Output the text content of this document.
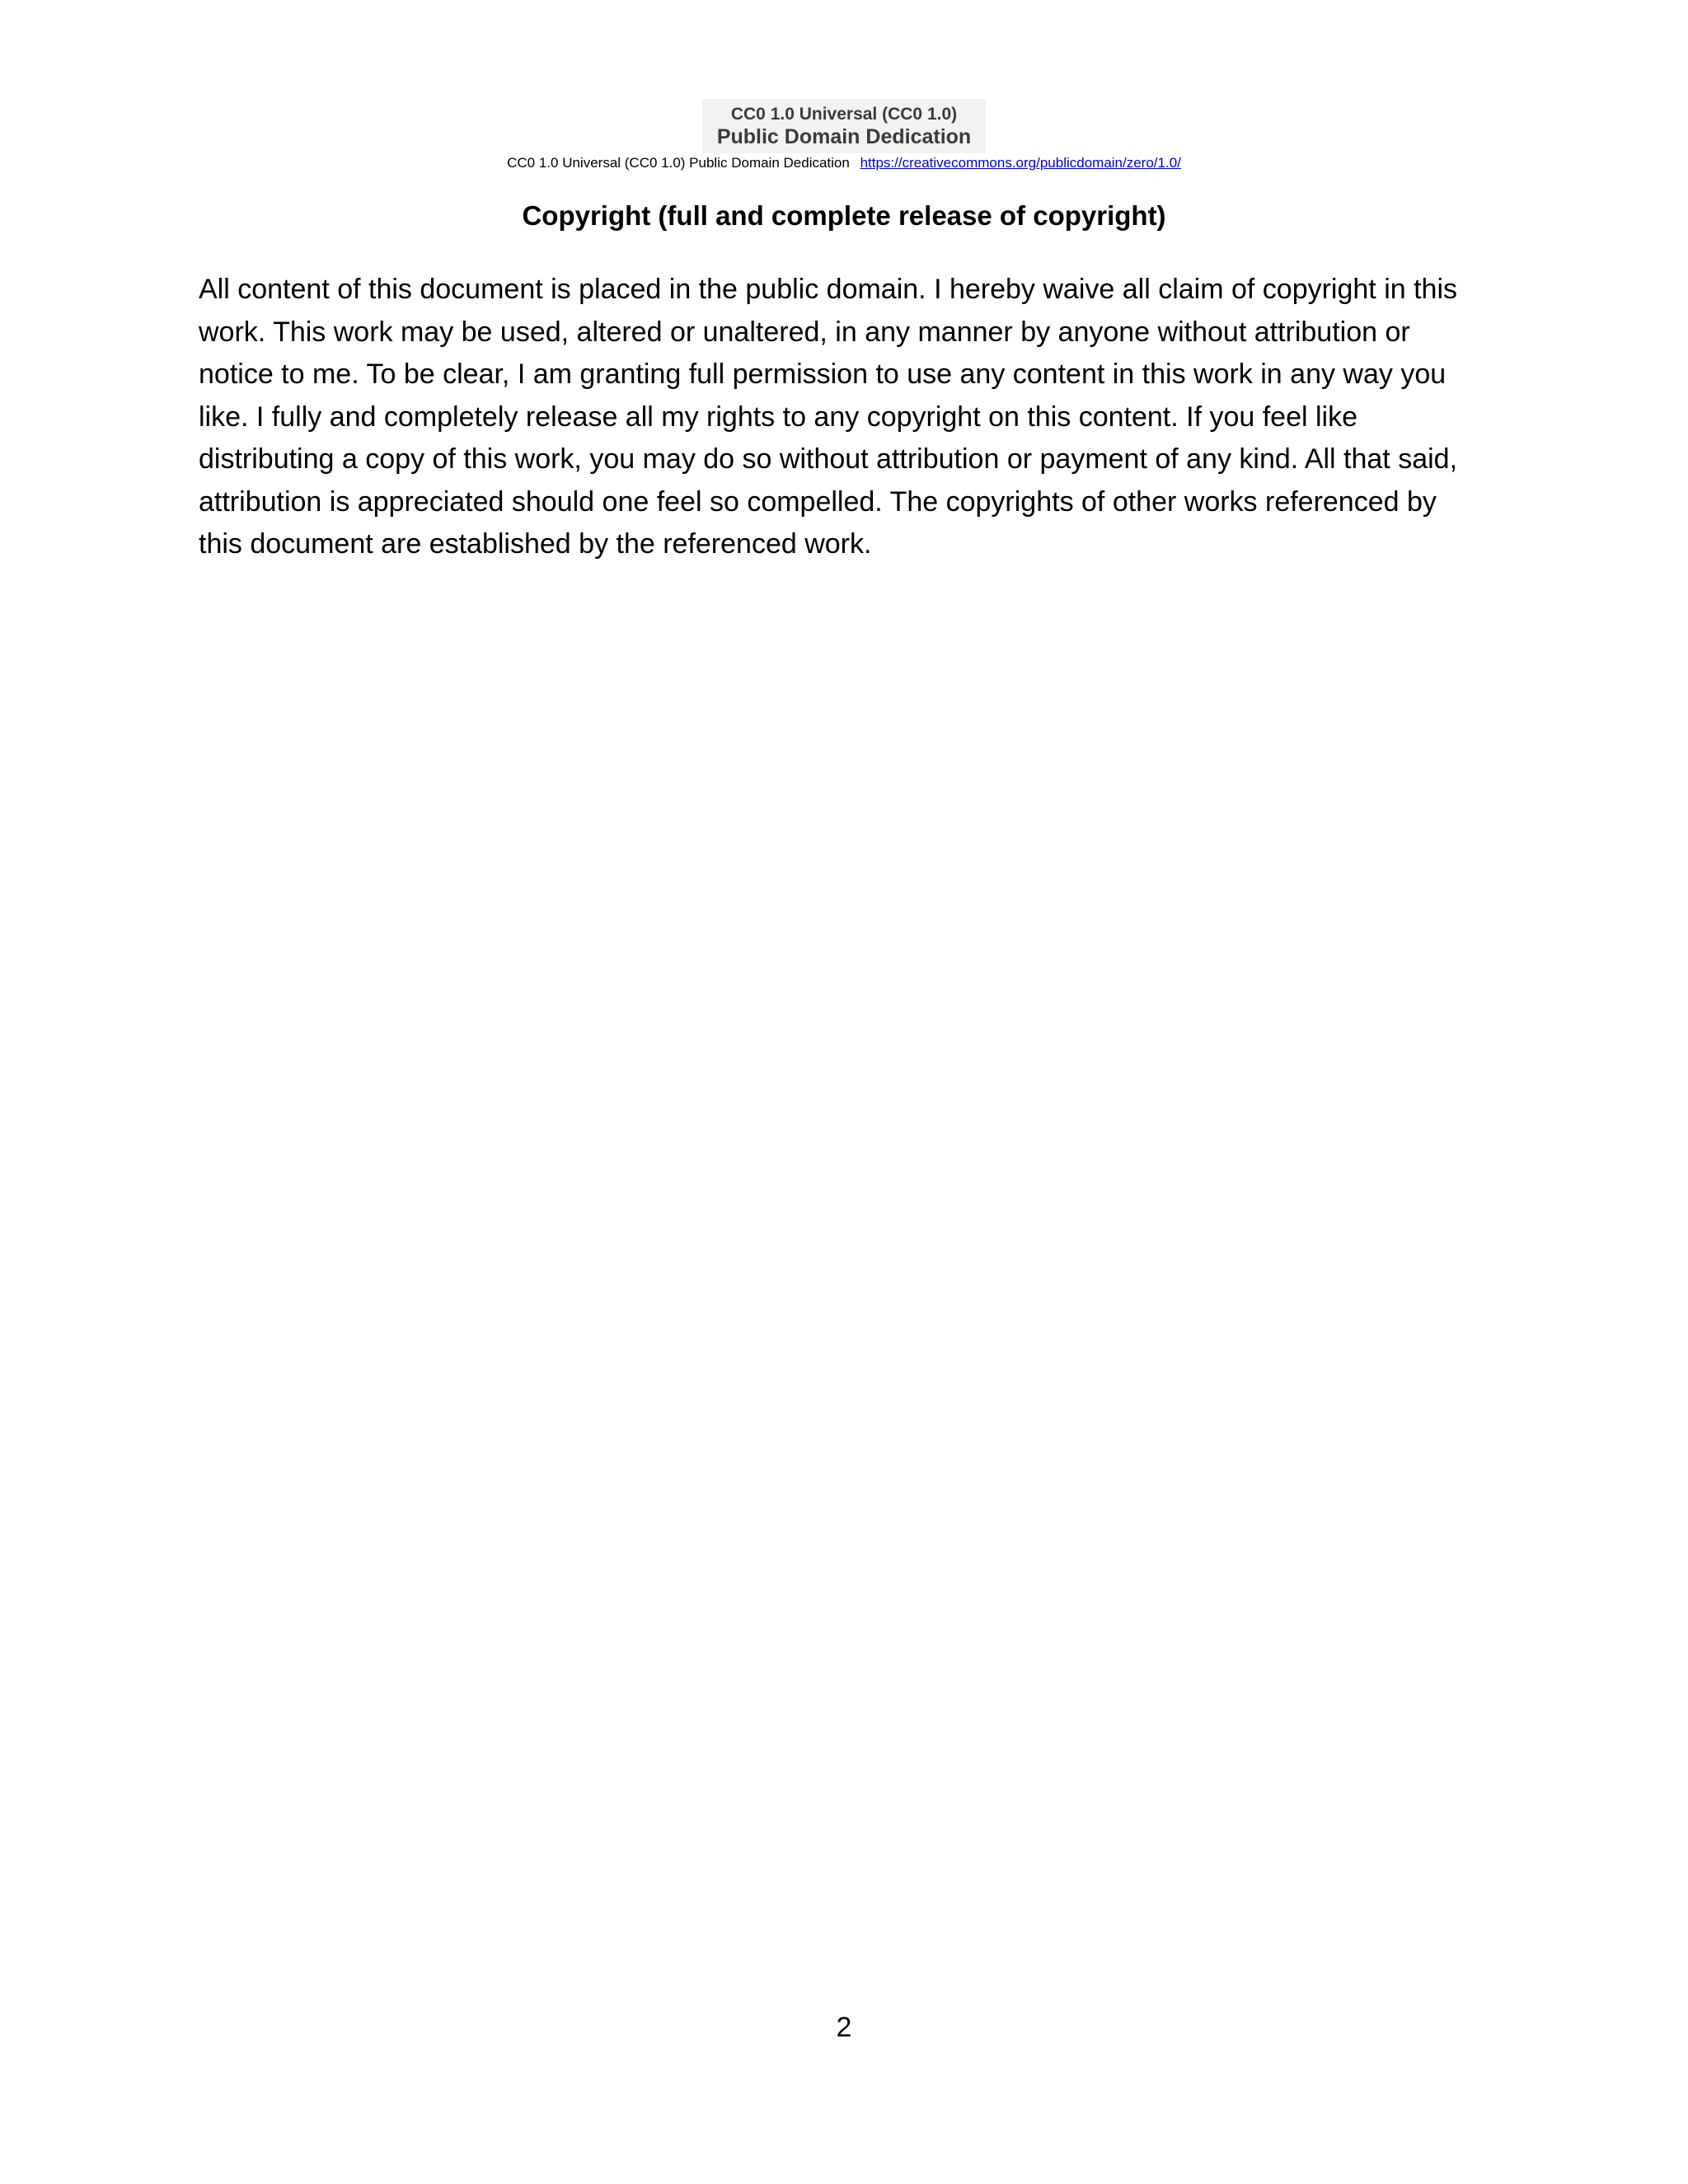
CC0 1.0 Universal (CC0 1.0)
Public Domain Dedication
CC0 1.0 Universal (CC0 1.0) Public Domain Dedication https://creativecommons.org/publicdomain/zero/1.0/
Copyright (full and complete release of copyright)

All content of this document is placed in the public domain. I hereby waive all claim of copyright in this
work. This work may be used, altered or unaltered, in any manner by anyone without attribution or
notice to me. To be clear, I am granting full permission to use any content in this work in any way you
like. I fully and completely release all my rights to any copyright on this content. If you feel like
distributing a copy of this work, you may do so without attribution or payment of any kind. All that said,
attribution is appreciated should one feel so compelled. The copyrights of other works referenced by
this document are established by the referenced work.

2
